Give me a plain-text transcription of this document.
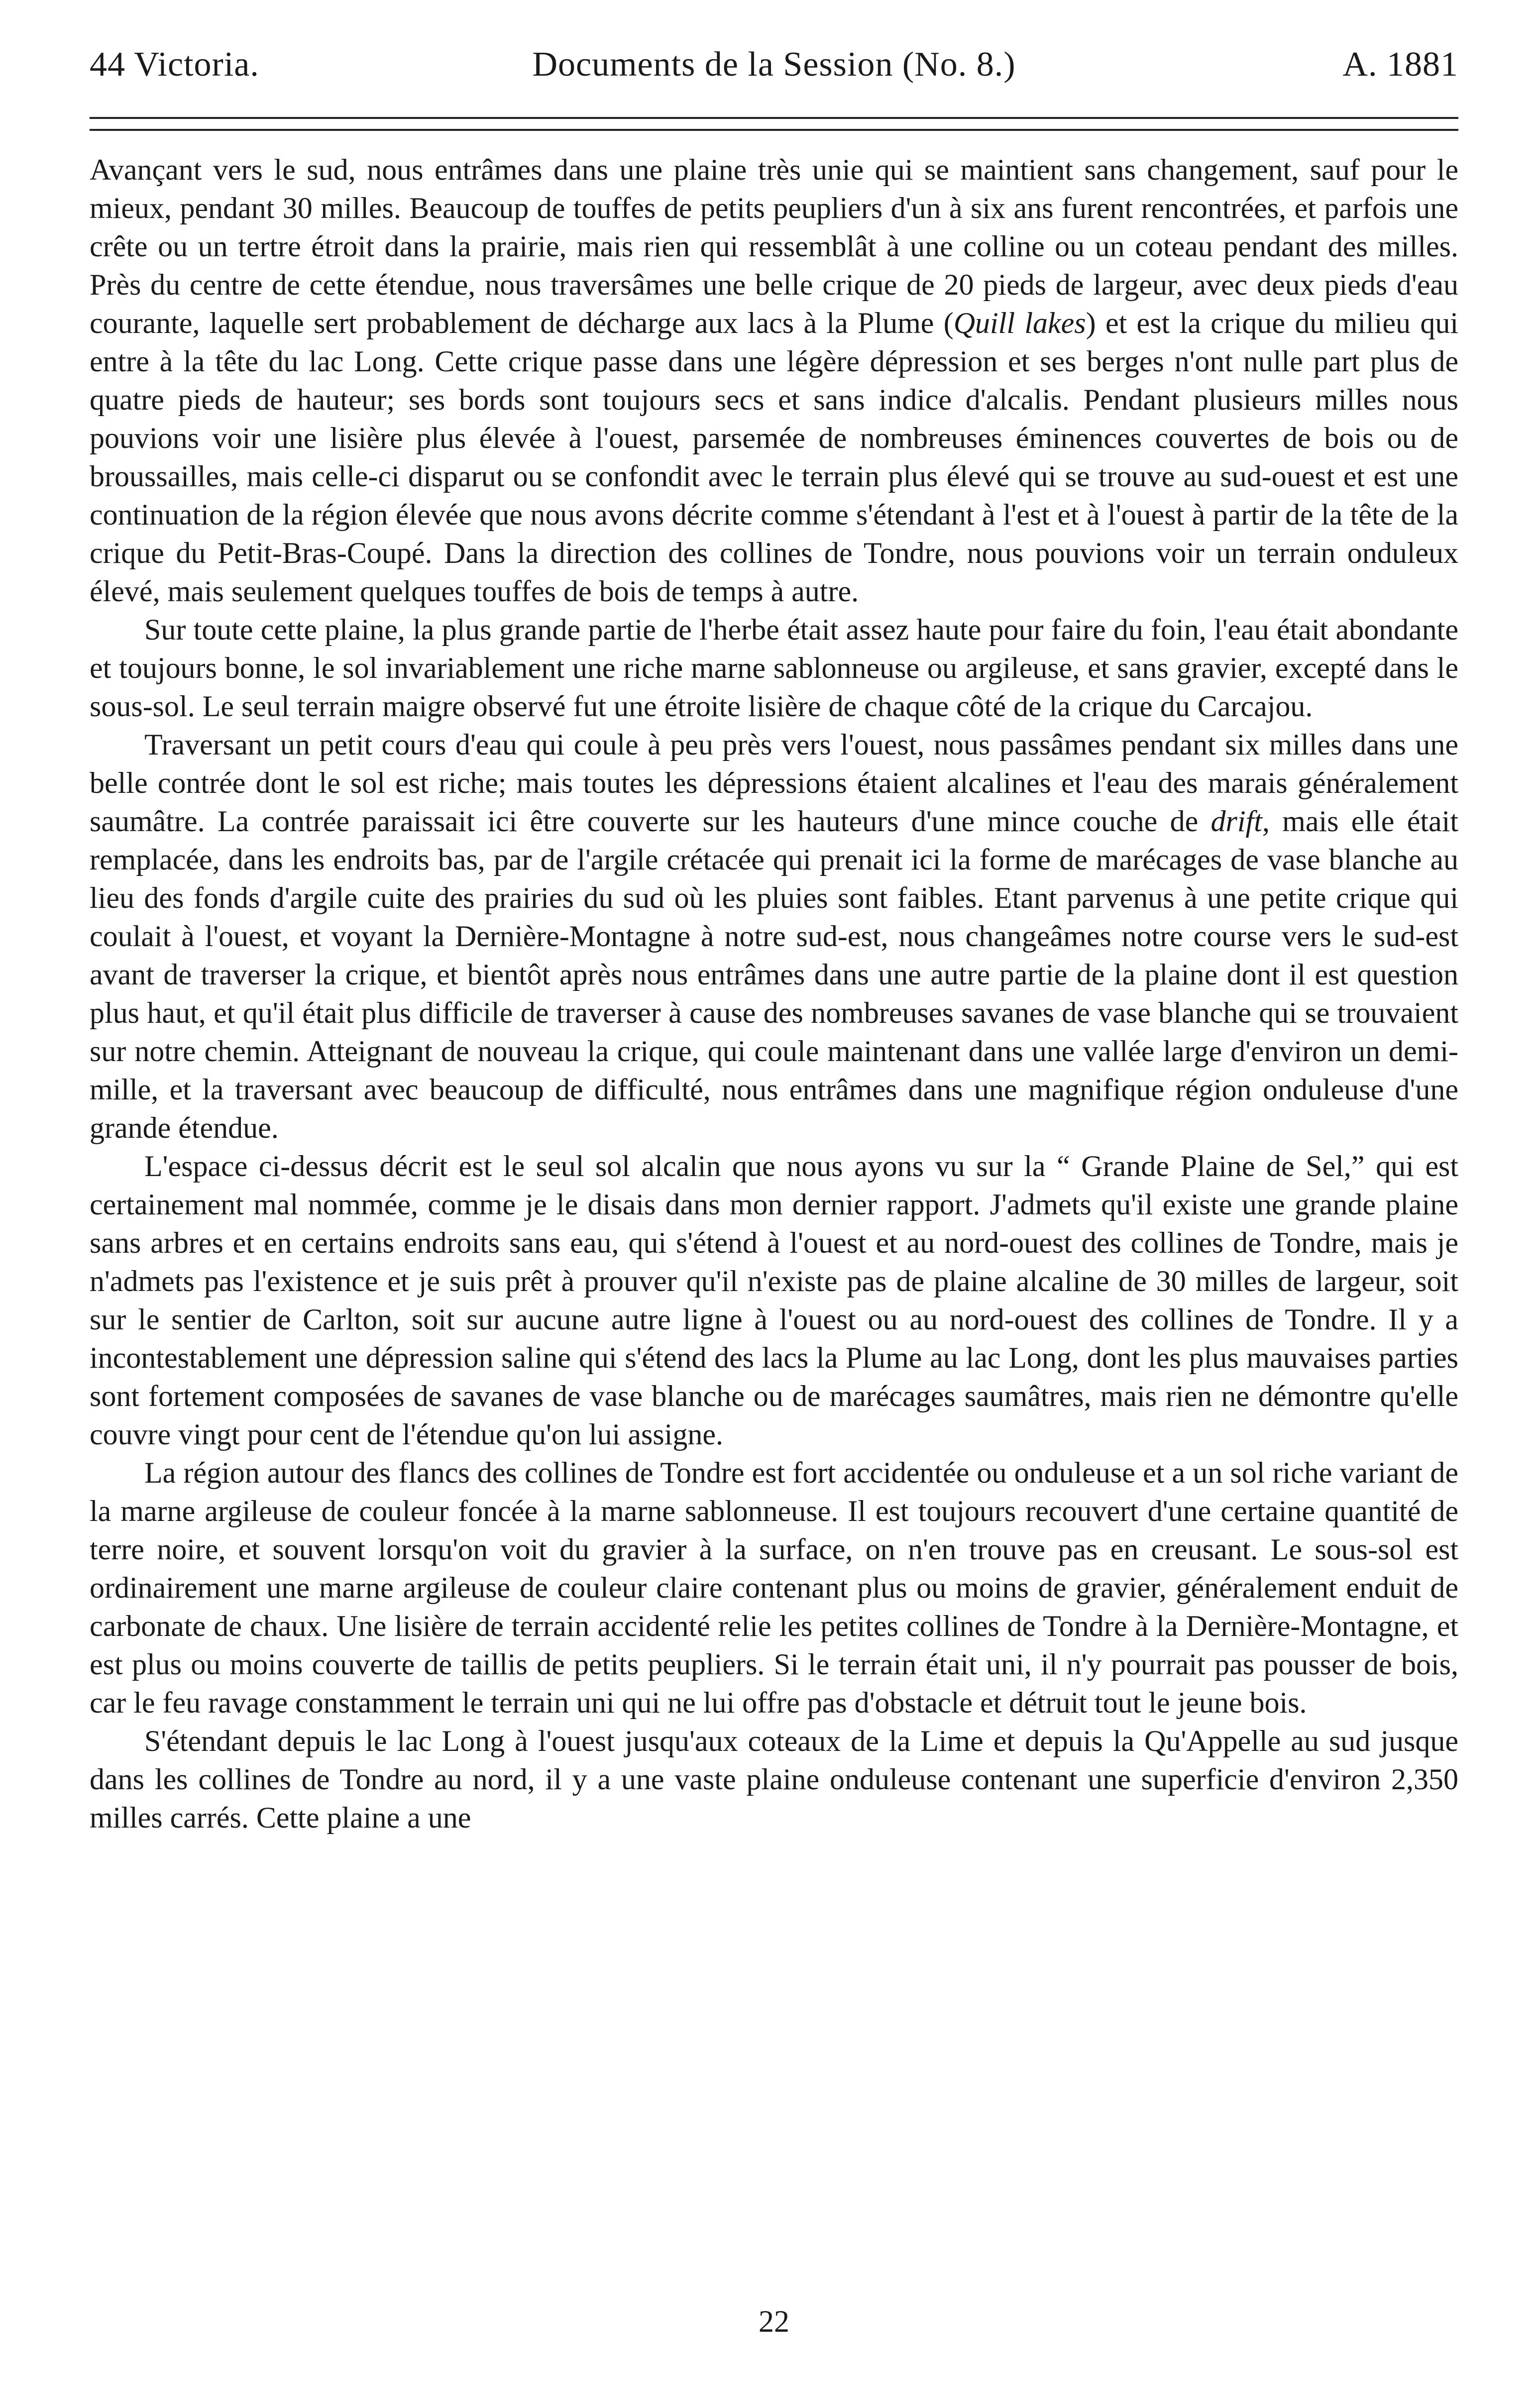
44 Victoria.	Documents de la Session (No. 8.)	A. 1881

Avançant vers le sud, nous entrâmes dans une plaine très unie qui se maintient sans changement, sauf pour le mieux, pendant 30 milles. Beaucoup de touffes de petits peupliers d'un à six ans furent rencontrées, et parfois une crête ou un tertre étroit dans la prairie, mais rien qui ressemblât à une colline ou un coteau pendant des milles. Près du centre de cette étendue, nous traversâmes une belle crique de 20 pieds de largeur, avec deux pieds d'eau courante, laquelle sert probablement de décharge aux lacs à la Plume (Quill lakes) et est la crique du milieu qui entre à la tête du lac Long. Cette crique passe dans une légère dépression et ses berges n'ont nulle part plus de quatre pieds de hauteur; ses bords sont toujours secs et sans indice d'alcalis. Pendant plusieurs milles nous pouvions voir une lisière plus élevée à l'ouest, parsemée de nombreuses éminences couvertes de bois ou de broussailles, mais celle-ci disparut ou se confondit avec le terrain plus élevé qui se trouve au sud-ouest et est une continuation de la région élevée que nous avons décrite comme s'étendant à l'est et à l'ouest à partir de la tête de la crique du Petit-Bras-Coupé. Dans la direction des collines de Tondre, nous pouvions voir un terrain onduleux élevé, mais seulement quelques touffes de bois de temps à autre.

Sur toute cette plaine, la plus grande partie de l'herbe était assez haute pour faire du foin, l'eau était abondante et toujours bonne, le sol invariablement une riche marne sablonneuse ou argileuse, et sans gravier, excepté dans le sous-sol. Le seul terrain maigre observé fut une étroite lisière de chaque côté de la crique du Carcajou.

Traversant un petit cours d'eau qui coule à peu près vers l'ouest, nous passâmes pendant six milles dans une belle contrée dont le sol est riche; mais toutes les dépressions étaient alcalines et l'eau des marais généralement saumâtre. La contrée paraissait ici être couverte sur les hauteurs d'une mince couche de drift, mais elle était remplacée, dans les endroits bas, par de l'argile crétacée qui prenait ici la forme de marécages de vase blanche au lieu des fonds d'argile cuite des prairies du sud où les pluies sont faibles. Etant parvenus à une petite crique qui coulait à l'ouest, et voyant la Dernière-Montagne à notre sud-est, nous changeâmes notre course vers le sud-est avant de traverser la crique, et bientôt après nous entrâmes dans une autre partie de la plaine dont il est question plus haut, et qu'il était plus difficile de traverser à cause des nombreuses savanes de vase blanche qui se trouvaient sur notre chemin. Atteignant de nouveau la crique, qui coule maintenant dans une vallée large d'environ un demi-mille, et la traversant avec beaucoup de difficulté, nous entrâmes dans une magnifique région onduleuse d'une grande étendue.

L'espace ci-dessus décrit est le seul sol alcalin que nous ayons vu sur la “ Grande Plaine de Sel,” qui est certainement mal nommée, comme je le disais dans mon dernier rapport. J'admets qu'il existe une grande plaine sans arbres et en certains endroits sans eau, qui s'étend à l'ouest et au nord-ouest des collines de Tondre, mais je n'admets pas l'existence et je suis prêt à prouver qu'il n'existe pas de plaine alcaline de 30 milles de largeur, soit sur le sentier de Carlton, soit sur aucune autre ligne à l'ouest ou au nord-ouest des collines de Tondre. Il y a incontestablement une dépression saline qui s'étend des lacs la Plume au lac Long, dont les plus mauvaises parties sont fortement composées de savanes de vase blanche ou de marécages saumâtres, mais rien ne démontre qu'elle couvre vingt pour cent de l'étendue qu'on lui assigne.

La région autour des flancs des collines de Tondre est fort accidentée ou onduleuse et a un sol riche variant de la marne argileuse de couleur foncée à la marne sablonneuse. Il est toujours recouvert d'une certaine quantité de terre noire, et souvent lorsqu'on voit du gravier à la surface, on n'en trouve pas en creusant. Le sous-sol est ordinairement une marne argileuse de couleur claire contenant plus ou moins de gravier, généralement enduit de carbonate de chaux. Une lisière de terrain accidenté relie les petites collines de Tondre à la Dernière-Montagne, et est plus ou moins couverte de taillis de petits peupliers. Si le terrain était uni, il n'y pourrait pas pousser de bois, car le feu ravage constamment le terrain uni qui ne lui offre pas d'obstacle et détruit tout le jeune bois.

S'étendant depuis le lac Long à l'ouest jusqu'aux coteaux de la Lime et depuis la Qu'Appelle au sud jusque dans les collines de Tondre au nord, il y a une vaste plaine onduleuse contenant une superficie d'environ 2,350 milles carrés. Cette plaine a une

22
